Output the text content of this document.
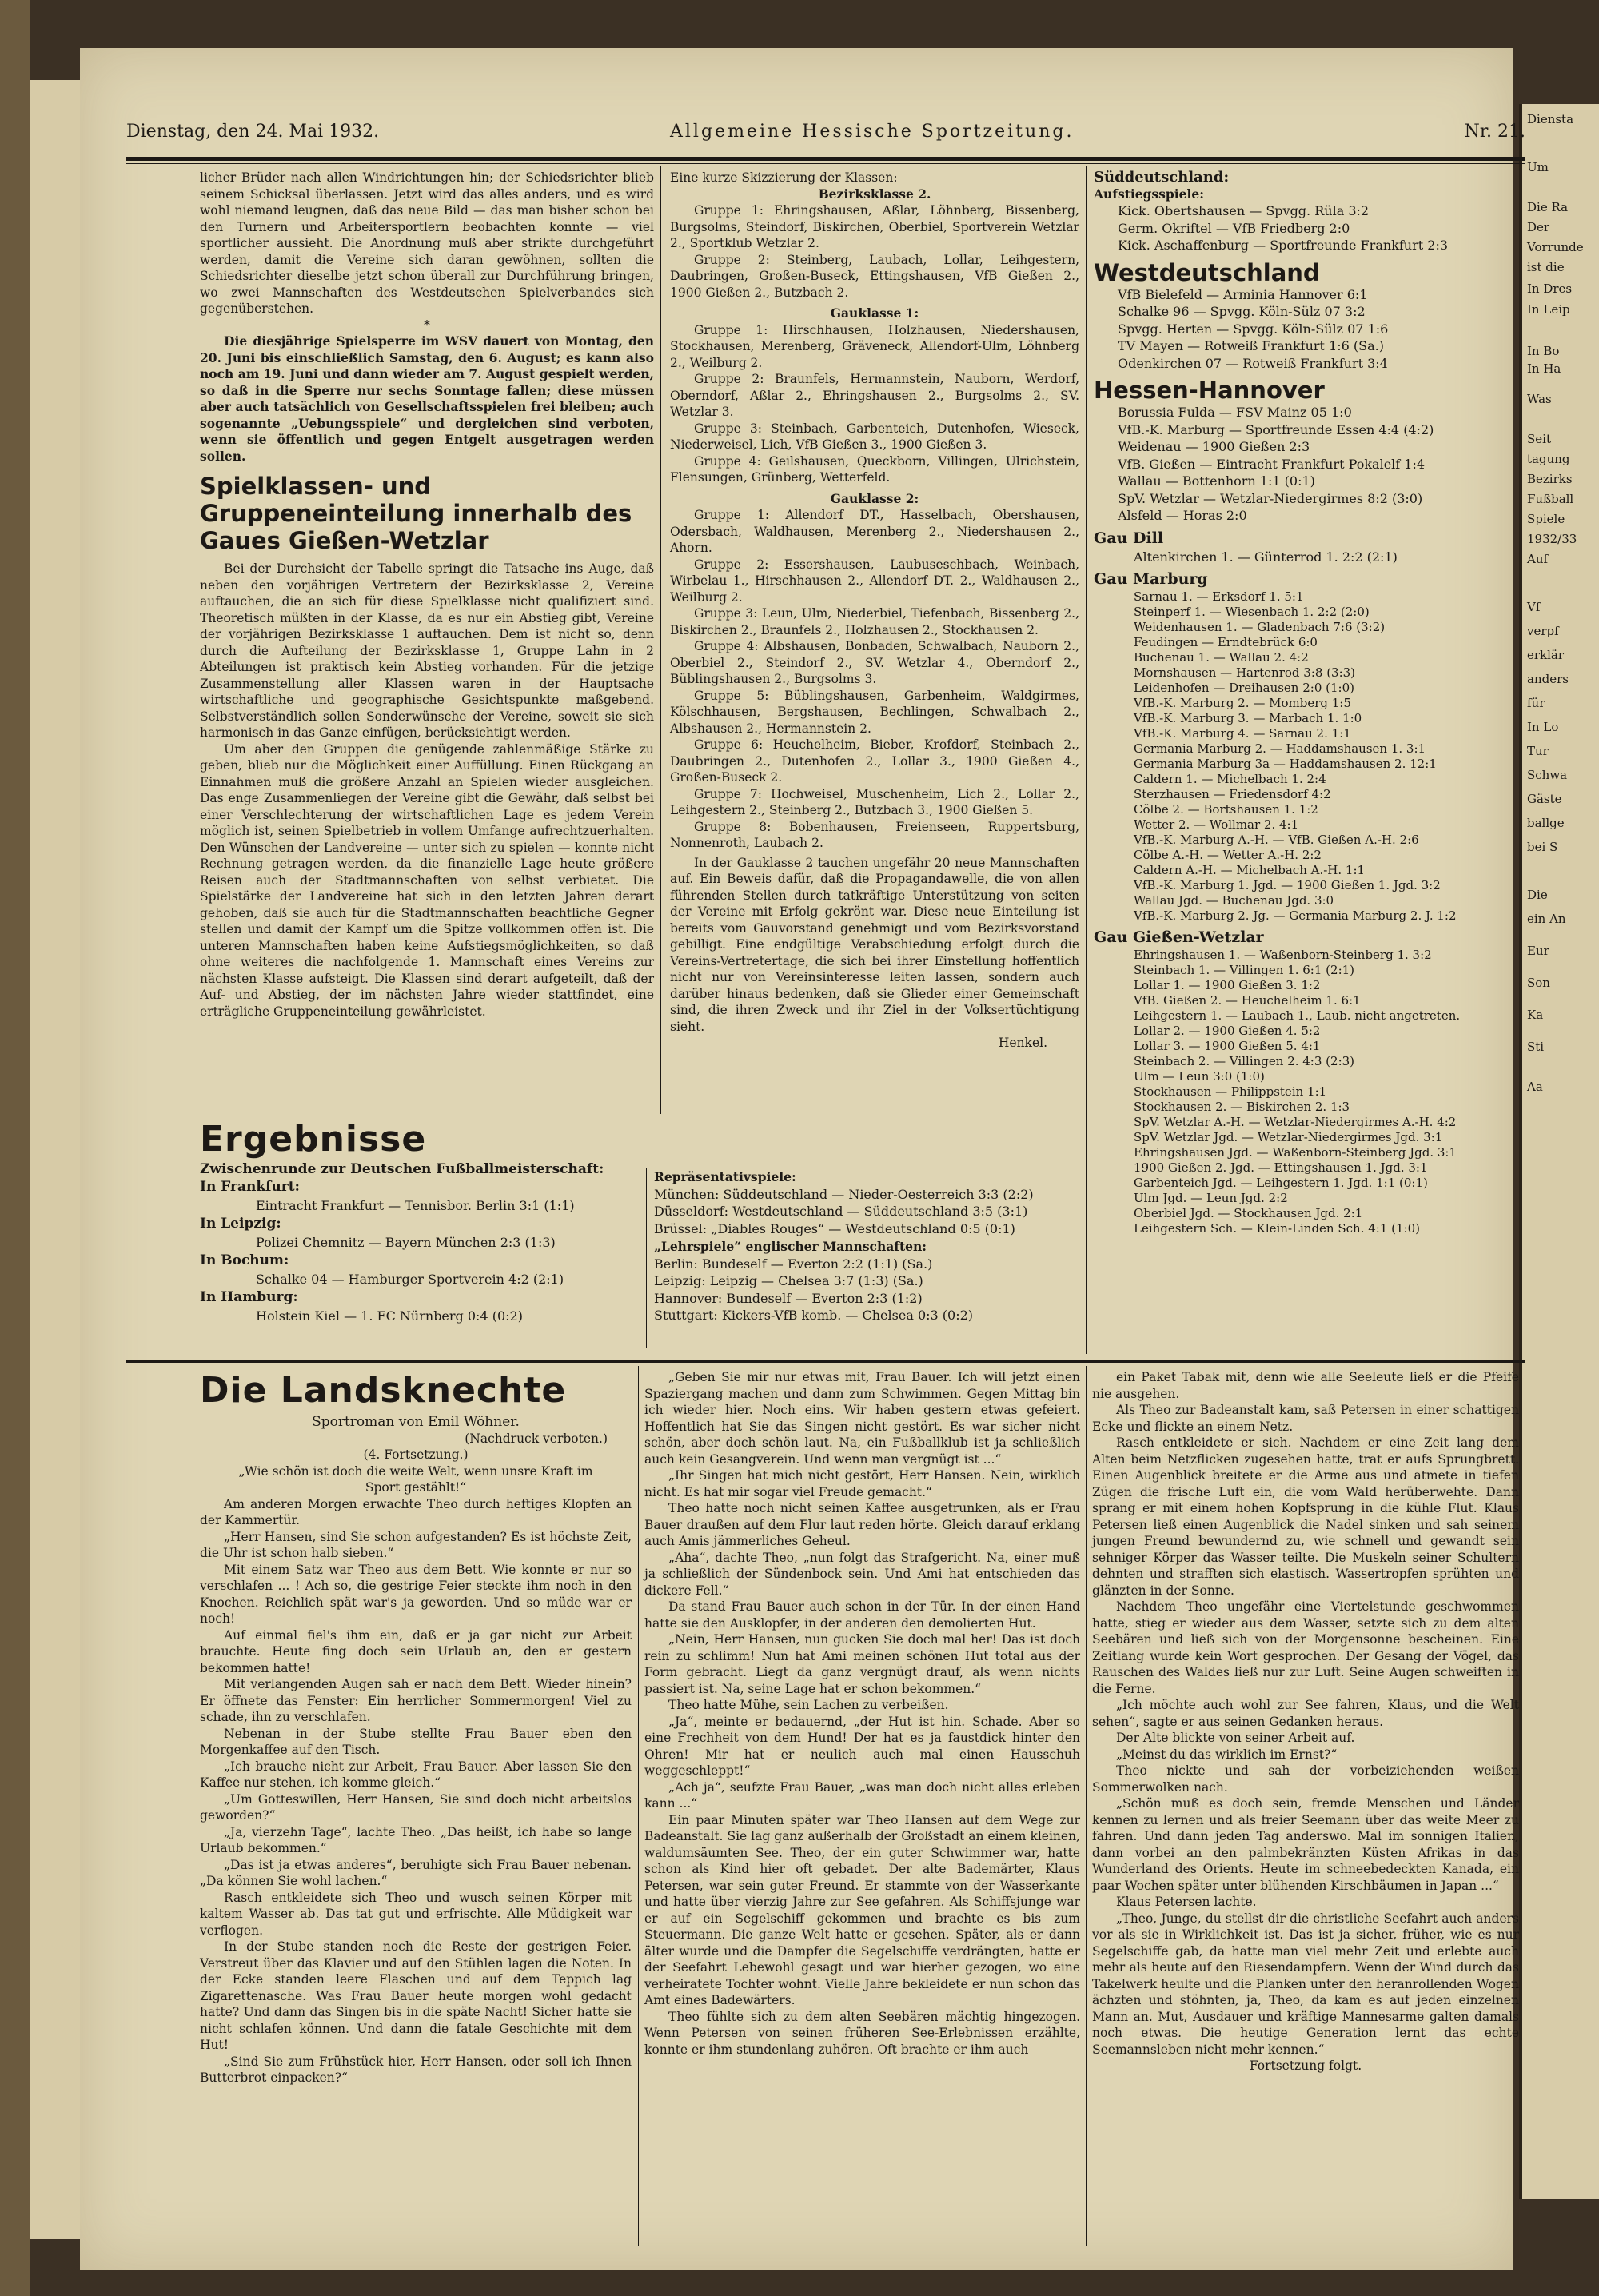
Diensta
Um
Die Ra
Der
Vorrunde
ist die
In Dres
In Leip
In Bo
In Ha
Was
Seit
tagung
Bezirks
Fußball
Spiele
1932/33
Auf
Vf
verpf
erklär
anders
für
In Lo
Tur
Schwa
Gäste
ballge
bei S
Die
ein An
Eur
Son
Ka
Sti
Aa
Dienstag, den 24. Mai 1932.	Allgemeine Hessische Sportzeitung.	Nr. 21.

licher Brüder nach allen Windrichtungen hin; der Schiedsrichter blieb seinem Schicksal überlassen. Jetzt wird das alles anders, und es wird wohl niemand leugnen, daß das neue Bild — das man bisher schon bei den Turnern und Arbeitersportlern beobachten konnte — viel sportlicher aussieht. Die Anordnung muß aber strikte durchgeführt werden, damit die Vereine sich daran gewöhnen, sollten die Schiedsrichter dieselbe jetzt schon überall zur Durchführung bringen, wo zwei Mannschaften des Westdeutschen Spielverbandes sich gegenüberstehen.

*

Die diesjährige Spielsperre im WSV dauert von Montag, den 20. Juni bis einschließlich Samstag, den 6. August; es kann also noch am 19. Juni und dann wieder am 7. August gespielt werden, so daß in die Sperre nur sechs Sonntage fallen; diese müssen aber auch tatsächlich von Gesellschaftsspielen frei bleiben; auch sogenannte „Uebungsspiele“ und dergleichen sind verboten, wenn sie öffentlich und gegen Entgelt ausgetragen werden sollen.

Spielklassen- und Gruppeneinteilung innerhalb des Gaues Gießen-Wetzlar

Bei der Durchsicht der Tabelle springt die Tatsache ins Auge, daß neben den vorjährigen Vertretern der Bezirksklasse 2, Vereine auftauchen, die an sich für diese Spielklasse nicht qualifiziert sind. Theoretisch müßten in der Klasse, da es nur ein Abstieg gibt, Vereine der vorjährigen Bezirksklasse 1 auftauchen. Dem ist nicht so, denn durch die Aufteilung der Bezirksklasse 1, Gruppe Lahn in 2 Abteilungen ist praktisch kein Abstieg vorhanden. Für die jetzige Zusammenstellung aller Klassen waren in der Hauptsache wirtschaftliche und geographische Gesichtspunkte maßgebend. Selbstverständlich sollen Sonderwünsche der Vereine, soweit sie sich harmonisch in das Ganze einfügen, berücksichtigt werden.

Um aber den Gruppen die genügende zahlenmäßige Stärke zu geben, blieb nur die Möglichkeit einer Auffüllung. Einen Rückgang an Einnahmen muß die größere Anzahl an Spielen wieder ausgleichen. Das enge Zusammenliegen der Vereine gibt die Gewähr, daß selbst bei einer Verschlechterung der wirtschaftlichen Lage es jedem Verein möglich ist, seinen Spielbetrieb in vollem Umfange aufrechtzuerhalten. Den Wünschen der Landvereine — unter sich zu spielen — konnte nicht Rechnung getragen werden, da die finanzielle Lage heute größere Reisen auch der Stadtmannschaften von selbst verbietet. Die Spielstärke der Landvereine hat sich in den letzten Jahren derart gehoben, daß sie auch für die Stadtmannschaften beachtliche Gegner stellen und damit der Kampf um die Spitze vollkommen offen ist. Die unteren Mannschaften haben keine Aufstiegsmöglichkeiten, so daß ohne weiteres die nachfolgende 1. Mannschaft eines Vereins zur nächsten Klasse aufsteigt. Die Klassen sind derart aufgeteilt, daß der Auf- und Abstieg, der im nächsten Jahre wieder stattfindet, eine erträgliche Gruppeneinteilung gewährleistet.

Eine kurze Skizzierung der Klassen:

Bezirksklasse 2.

Gruppe 1: Ehringshausen, Aßlar, Löhnberg, Bissenberg, Burgsolms, Steindorf, Biskirchen, Oberbiel, Sportverein Wetzlar 2., Sportklub Wetzlar 2.

Gruppe 2: Steinberg, Laubach, Lollar, Leihgestern, Daubringen, Großen-Buseck, Ettingshausen, VfB Gießen 2., 1900 Gießen 2., Butzbach 2.

Gauklasse 1:

Gruppe 1: Hirschhausen, Holzhausen, Niedershausen, Stockhausen, Merenberg, Gräveneck, Allendorf-Ulm, Löhnberg 2., Weilburg 2.

Gruppe 2: Braunfels, Hermannstein, Nauborn, Werdorf, Oberndorf, Aßlar 2., Ehringshausen 2., Burgsolms 2., SV. Wetzlar 3.

Gruppe 3: Steinbach, Garbenteich, Dutenhofen, Wieseck, Niederweisel, Lich, VfB Gießen 3., 1900 Gießen 3.

Gruppe 4: Geilshausen, Queckborn, Villingen, Ulrichstein, Flensungen, Grünberg, Wetterfeld.

Gauklasse 2:

Gruppe 1: Allendorf DT., Hasselbach, Obershausen, Odersbach, Waldhausen, Merenberg 2., Niedershausen 2., Ahorn.

Gruppe 2: Essershausen, Laubuseschbach, Weinbach, Wirbelau 1., Hirschhausen 2., Allendorf DT. 2., Waldhausen 2., Weilburg 2.

Gruppe 3: Leun, Ulm, Niederbiel, Tiefenbach, Bissenberg 2., Biskirchen 2., Braunfels 2., Holzhausen 2., Stockhausen 2.

Gruppe 4: Albshausen, Bonbaden, Schwalbach, Nauborn 2., Oberbiel 2., Steindorf 2., SV. Wetzlar 4., Oberndorf 2., Büblingshausen 2., Burgsolms 3.

Gruppe 5: Büblingshausen, Garbenheim, Waldgirmes, Kölschhausen, Bergshausen, Bechlingen, Schwalbach 2., Albshausen 2., Hermannstein 2.

Gruppe 6: Heuchelheim, Bieber, Krofdorf, Steinbach 2., Daubringen 2., Dutenhofen 2., Lollar 3., 1900 Gießen 4., Großen-Buseck 2.

Gruppe 7: Hochweisel, Muschenheim, Lich 2., Lollar 2., Leihgestern 2., Steinberg 2., Butzbach 3., 1900 Gießen 5.

Gruppe 8: Bobenhausen, Freienseen, Ruppertsburg, Nonnenroth, Laubach 2.

In der Gauklasse 2 tauchen ungefähr 20 neue Mannschaften auf. Ein Beweis dafür, daß die Propagandawelle, die von allen führenden Stellen durch tatkräftige Unterstützung von seiten der Vereine mit Erfolg gekrönt war. Diese neue Einteilung ist bereits vom Gauvorstand genehmigt und vom Bezirksvorstand gebilligt. Eine endgültige Verabschiedung erfolgt durch die Vereins-Vertretertage, die sich bei ihrer Einstellung hoffentlich nicht nur von Vereinsinteresse leiten lassen, sondern auch darüber hinaus bedenken, daß sie Glieder einer Gemeinschaft sind, die ihren Zweck und ihr Ziel in der Volksertüchtigung sieht.

Henkel.

Süddeutschland:
Aufstiegsspiele:

Kick. Obertshausen — Spvgg. Rüla 3:2

Germ. Okriftel — VfB Friedberg 2:0

Kick. Aschaffenburg — Sportfreunde Frankfurt 2:3

Westdeutschland

VfB Bielefeld — Arminia Hannover 6:1

Schalke 96 — Spvgg. Köln-Sülz 07 3:2

Spvgg. Herten — Spvgg. Köln-Sülz 07 1:6

TV Mayen — Rotweiß Frankfurt 1:6 (Sa.)

Odenkirchen 07 — Rotweiß Frankfurt 3:4

Hessen-Hannover

Borussia Fulda — FSV Mainz 05 1:0

VfB.-K. Marburg — Sportfreunde Essen 4:4 (4:2)

Weidenau — 1900 Gießen 2:3

VfB. Gießen — Eintracht Frankfurt Pokalelf 1:4

Wallau — Bottenhorn 1:1 (0:1)

SpV. Wetzlar — Wetzlar-Niedergirmes 8:2 (3:0)

Alsfeld — Horas 2:0

Gau Dill

Altenkirchen 1. — Günterrod 1. 2:2 (2:1)

Gau Marburg

Sarnau 1. — Erksdorf 1. 5:1

Steinperf 1. — Wiesenbach 1. 2:2 (2:0)

Weidenhausen 1. — Gladenbach 7:6 (3:2)

Feudingen — Erndtebrück 6:0

Buchenau 1. — Wallau 2. 4:2

Mornshausen — Hartenrod 3:8 (3:3)

Leidenhofen — Dreihausen 2:0 (1:0)

VfB.-K. Marburg 2. — Momberg 1:5

VfB.-K. Marburg 3. — Marbach 1. 1:0

VfB.-K. Marburg 4. — Sarnau 2. 1:1

Germania Marburg 2. — Haddamshausen 1. 3:1

Germania Marburg 3a — Haddamshausen 2. 12:1

Caldern 1. — Michelbach 1. 2:4

Sterzhausen — Friedensdorf 4:2

Cölbe 2. — Bortshausen 1. 1:2

Wetter 2. — Wollmar 2. 4:1

VfB.-K. Marburg A.-H. — VfB. Gießen A.-H. 2:6

Cölbe A.-H. — Wetter A.-H. 2:2

Caldern A.-H. — Michelbach A.-H. 1:1

VfB.-K. Marburg 1. Jgd. — 1900 Gießen 1. Jgd. 3:2

Wallau Jgd. — Buchenau Jgd. 3:0

VfB.-K. Marburg 2. Jg. — Germania Marburg 2. J. 1:2

Gau Gießen-Wetzlar

Ehringshausen 1. — Waßenborn-Steinberg 1. 3:2

Steinbach 1. — Villingen 1. 6:1 (2:1)

Lollar 1. — 1900 Gießen 3. 1:2

VfB. Gießen 2. — Heuchelheim 1. 6:1

Leihgestern 1. — Laubach 1., Laub. nicht angetreten.

Lollar 2. — 1900 Gießen 4. 5:2

Lollar 3. — 1900 Gießen 5. 4:1

Steinbach 2. — Villingen 2. 4:3 (2:3)

Ulm — Leun 3:0 (1:0)

Stockhausen — Philippstein 1:1

Stockhausen 2. — Biskirchen 2. 1:3

SpV. Wetzlar A.-H. — Wetzlar-Niedergirmes A.-H. 4:2

SpV. Wetzlar Jgd. — Wetzlar-Niedergirmes Jgd. 3:1

Ehringshausen Jgd. — Waßenborn-Steinberg Jgd. 3:1

1900 Gießen 2. Jgd. — Ettingshausen 1. Jgd. 3:1

Garbenteich Jgd. — Leihgestern 1. Jgd. 1:1 (0:1)

Ulm Jgd. — Leun Jgd. 2:2

Oberbiel Jgd. — Stockhausen Jgd. 2:1

Leihgestern Sch. — Klein-Linden Sch. 4:1 (1:0)

Ergebnisse
Zwischenrunde zur Deutschen Fußballmeisterschaft:
In Frankfurt:
Eintracht Frankfurt — Tennisbor. Berlin 3:1 (1:1)
In Leipzig:
Polizei Chemnitz — Bayern München 2:3 (1:3)
In Bochum:
Schalke 04 — Hamburger Sportverein 4:2 (2:1)
In Hamburg:
Holstein Kiel — 1. FC Nürnberg 0:4 (0:2)
Repräsentativspiele:

München: Süddeutschland — Nieder-Oesterreich 3:3 (2:2)

Düsseldorf: Westdeutschland — Süddeutschland 3:5 (3:1)

Brüssel: „Diables Rouges“ — Westdeutschland 0:5 (0:1)

„Lehrspiele“ englischer Mannschaften:

Berlin: Bundeself — Everton 2:2 (1:1) (Sa.)

Leipzig: Leipzig — Chelsea 3:7 (1:3) (Sa.)

Hannover: Bundeself — Everton 2:3 (1:2)

Stuttgart: Kickers-VfB komb. — Chelsea 0:3 (0:2)

Die Landsknechte
Sportroman von Emil Wöhner.
(Nachdruck verboten.)
(4. Fortsetzung.)
„Wie schön ist doch die weite Welt, wenn unsre Kraft im Sport gestählt!“

Am anderen Morgen erwachte Theo durch heftiges Klopfen an der Kammertür.

„Herr Hansen, sind Sie schon aufgestanden? Es ist höchste Zeit, die Uhr ist schon halb sieben.“

Mit einem Satz war Theo aus dem Bett. Wie konnte er nur so verschlafen ... ! Ach so, die gestrige Feier steckte ihm noch in den Knochen. Reichlich spät war's ja geworden. Und so müde war er noch!

Auf einmal fiel's ihm ein, daß er ja gar nicht zur Arbeit brauchte. Heute fing doch sein Urlaub an, den er gestern bekommen hatte!

Mit verlangenden Augen sah er nach dem Bett. Wieder hinein? Er öffnete das Fenster: Ein herrlicher Sommermorgen! Viel zu schade, ihn zu verschlafen.

Nebenan in der Stube stellte Frau Bauer eben den Morgenkaffee auf den Tisch.

„Ich brauche nicht zur Arbeit, Frau Bauer. Aber lassen Sie den Kaffee nur stehen, ich komme gleich.“

„Um Gotteswillen, Herr Hansen, Sie sind doch nicht arbeitslos geworden?“

„Ja, vierzehn Tage“, lachte Theo. „Das heißt, ich habe so lange Urlaub bekommen.“

„Das ist ja etwas anderes“, beruhigte sich Frau Bauer nebenan. „Da können Sie wohl lachen.“

Rasch entkleidete sich Theo und wusch seinen Körper mit kaltem Wasser ab. Das tat gut und erfrischte. Alle Müdigkeit war verflogen.

In der Stube standen noch die Reste der gestrigen Feier. Verstreut über das Klavier und auf den Stühlen lagen die Noten. In der Ecke standen leere Flaschen und auf dem Teppich lag Zigarettenasche. Was Frau Bauer heute morgen wohl gedacht hatte? Und dann das Singen bis in die späte Nacht! Sicher hatte sie nicht schlafen können. Und dann die fatale Geschichte mit dem Hut!

„Sind Sie zum Frühstück hier, Herr Hansen, oder soll ich Ihnen Butterbrot einpacken?“

„Geben Sie mir nur etwas mit, Frau Bauer. Ich will jetzt einen Spaziergang machen und dann zum Schwimmen. Gegen Mittag bin ich wieder hier. Noch eins. Wir haben gestern etwas gefeiert. Hoffentlich hat Sie das Singen nicht gestört. Es war sicher nicht schön, aber doch schön laut. Na, ein Fußballklub ist ja schließlich auch kein Gesangverein. Und wenn man vergnügt ist ...“

„Ihr Singen hat mich nicht gestört, Herr Hansen. Nein, wirklich nicht. Es hat mir sogar viel Freude gemacht.“

Theo hatte noch nicht seinen Kaffee ausgetrunken, als er Frau Bauer draußen auf dem Flur laut reden hörte. Gleich darauf erklang auch Amis jämmerliches Geheul.

„Aha“, dachte Theo, „nun folgt das Strafgericht. Na, einer muß ja schließlich der Sündenbock sein. Und Ami hat entschieden das dickere Fell.“

Da stand Frau Bauer auch schon in der Tür. In der einen Hand hatte sie den Ausklopfer, in der anderen den demolierten Hut.

„Nein, Herr Hansen, nun gucken Sie doch mal her! Das ist doch rein zu schlimm! Nun hat Ami meinen schönen Hut total aus der Form gebracht. Liegt da ganz vergnügt drauf, als wenn nichts passiert ist. Na, seine Lage hat er schon bekommen.“

Theo hatte Mühe, sein Lachen zu verbeißen.

„Ja“, meinte er bedauernd, „der Hut ist hin. Schade. Aber so eine Frechheit von dem Hund! Der hat es ja faustdick hinter den Ohren! Mir hat er neulich auch mal einen Hausschuh weggeschleppt!“

„Ach ja“, seufzte Frau Bauer, „was man doch nicht alles erleben kann ...“

Ein paar Minuten später war Theo Hansen auf dem Wege zur Badeanstalt. Sie lag ganz außerhalb der Großstadt an einem kleinen, waldumsäumten See. Theo, der ein guter Schwimmer war, hatte schon als Kind hier oft gebadet. Der alte Bademärter, Klaus Petersen, war sein guter Freund. Er stammte von der Wasserkante und hatte über vierzig Jahre zur See gefahren. Als Schiffsjunge war er auf ein Segelschiff gekommen und brachte es bis zum Steuermann. Die ganze Welt hatte er gesehen. Später, als er dann älter wurde und die Dampfer die Segelschiffe verdrängten, hatte er der Seefahrt Lebewohl gesagt und war hierher gezogen, wo eine verheiratete Tochter wohnt. Vielle Jahre bekleidete er nun schon das Amt eines Badewärters.

Theo fühlte sich zu dem alten Seebären mächtig hingezogen. Wenn Petersen von seinen früheren See-Erlebnissen erzählte, konnte er ihm stundenlang zuhören. Oft brachte er ihm auch

ein Paket Tabak mit, denn wie alle Seeleute ließ er die Pfeife nie ausgehen.

Als Theo zur Badeanstalt kam, saß Petersen in einer schattigen Ecke und flickte an einem Netz.

Rasch entkleidete er sich. Nachdem er eine Zeit lang dem Alten beim Netzflicken zugesehen hatte, trat er aufs Sprungbrett. Einen Augenblick breitete er die Arme aus und atmete in tiefen Zügen die frische Luft ein, die vom Wald herüberwehte. Dann sprang er mit einem hohen Kopfsprung in die kühle Flut. Klaus Petersen ließ einen Augenblick die Nadel sinken und sah seinem jungen Freund bewundernd zu, wie schnell und gewandt sein sehniger Körper das Wasser teilte. Die Muskeln seiner Schultern dehnten und strafften sich elastisch. Wassertropfen sprühten und glänzten in der Sonne.

Nachdem Theo ungefähr eine Viertelstunde geschwommen hatte, stieg er wieder aus dem Wasser, setzte sich zu dem alten Seebären und ließ sich von der Morgensonne bescheinen. Eine Zeitlang wurde kein Wort gesprochen. Der Gesang der Vögel, das Rauschen des Waldes ließ nur zur Luft. Seine Augen schweiften in die Ferne.

„Ich möchte auch wohl zur See fahren, Klaus, und die Welt sehen“, sagte er aus seinen Gedanken heraus.

Der Alte blickte von seiner Arbeit auf.

„Meinst du das wirklich im Ernst?“

Theo nickte und sah der vorbeiziehenden weißen Sommerwolken nach.

„Schön muß es doch sein, fremde Menschen und Länder kennen zu lernen und als freier Seemann über das weite Meer zu fahren. Und dann jeden Tag anderswo. Mal im sonnigen Italien, dann vorbei an den palmbekränzten Küsten Afrikas in das Wunderland des Orients. Heute im schneebedeckten Kanada, ein paar Wochen später unter blühenden Kirschbäumen in Japan ...“

Klaus Petersen lachte.

„Theo, Junge, du stellst dir die christliche Seefahrt auch anders vor als sie in Wirklichkeit ist. Das ist ja sicher, früher, wie es nur Segelschiffe gab, da hatte man viel mehr Zeit und erlebte auch mehr als heute auf den Riesendampfern. Wenn der Wind durch das Takelwerk heulte und die Planken unter den heranrollenden Wogen ächzten und stöhnten, ja, Theo, da kam es auf jeden einzelnen Mann an. Mut, Ausdauer und kräftige Mannesarme galten damals noch etwas. Die heutige Generation lernt das echte Seemannsleben nicht mehr kennen.“

Fortsetzung folgt.
